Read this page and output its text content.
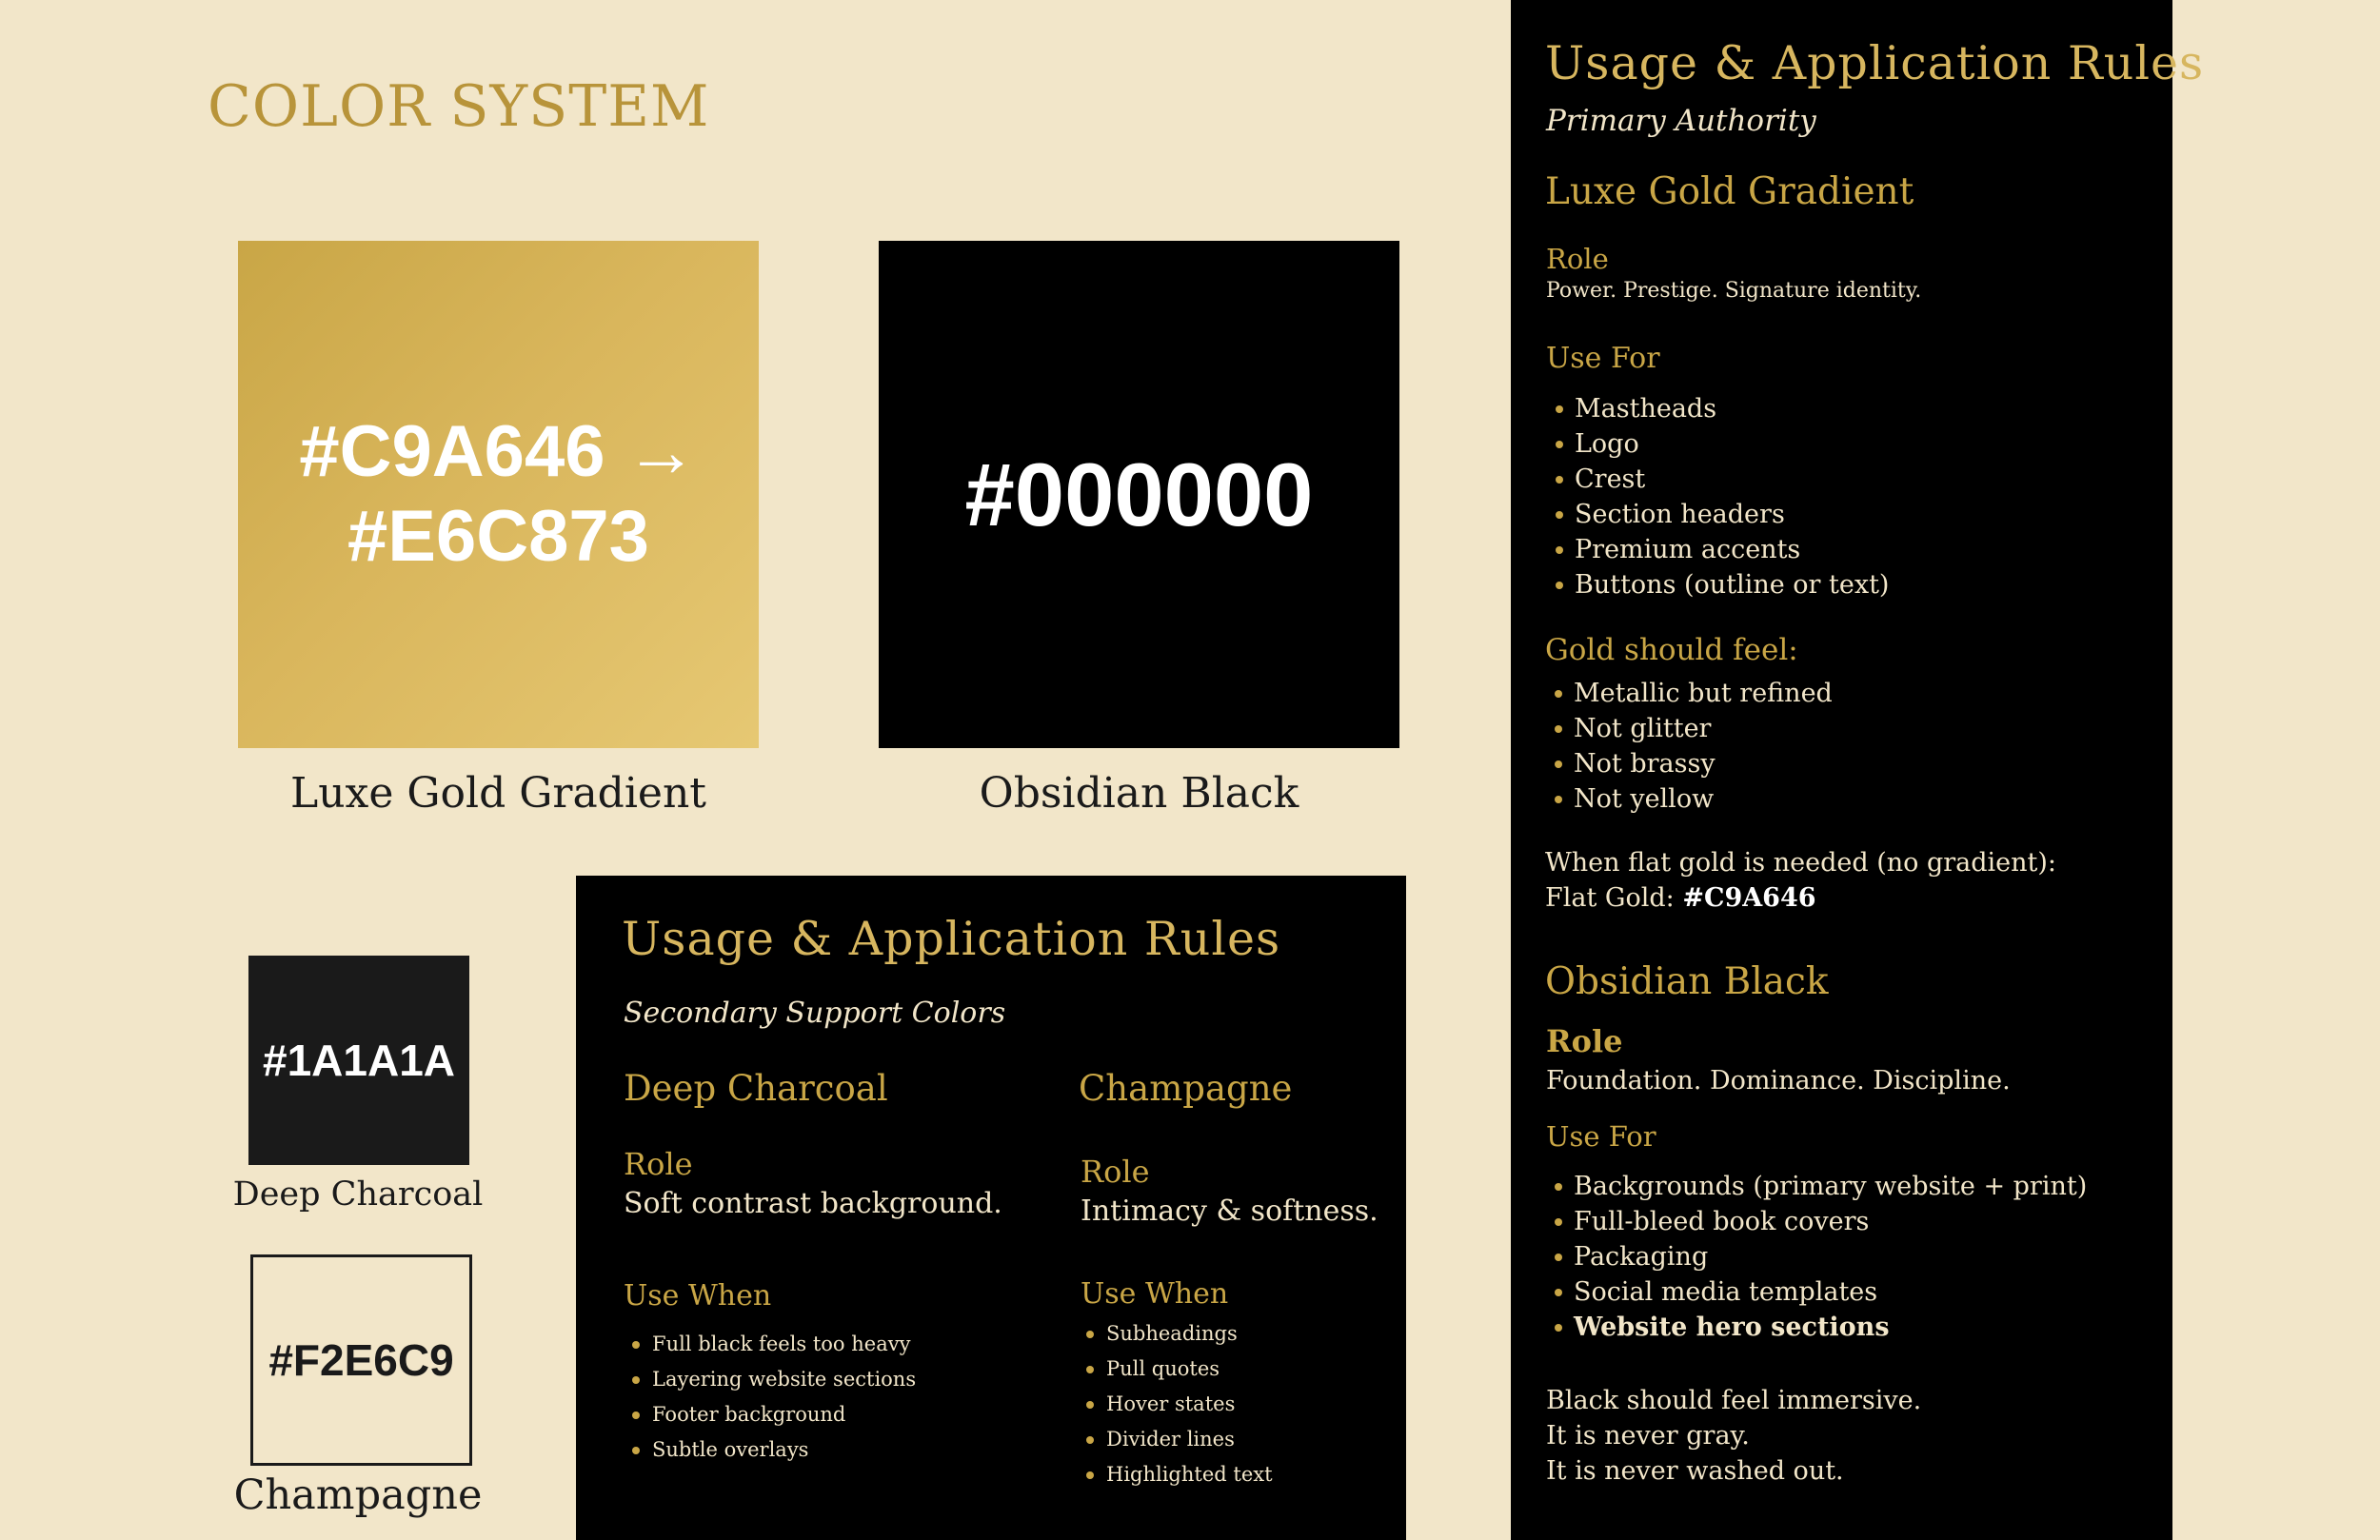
COLOR SYSTEM
#C9A646 →
#E6C873
Luxe Gold Gradient
#000000
Obsidian Black
#1A1A1A
Deep Charcoal
#F2E6C9
Champagne
Usage & Application Rules
Secondary Support Colors
Deep Charcoal
Role
Soft contrast background.
Use When
Full black feels too heavy
Layering website sections
Footer background
Subtle overlays
Champagne
Role
Intimacy & softness.
Use When
Subheadings
Pull quotes
Hover states
Divider lines
Highlighted text
Usage & Application Rules
Primary Authority
Luxe Gold Gradient
Role
Power. Prestige. Signature identity.
Use For
Mastheads
Logo
Crest
Section headers
Premium accents
Buttons (outline or text)
Gold should feel:
Metallic but refined
Not glitter
Not brassy
Not yellow
When flat gold is needed (no gradient):
Flat Gold: #C9A646
Obsidian Black
Role
Foundation. Dominance. Discipline.
Use For
Backgrounds (primary website + print)
Full-bleed book covers
Packaging
Social media templates
Website hero sections
Black should feel immersive.
It is never gray.
It is never washed out.
